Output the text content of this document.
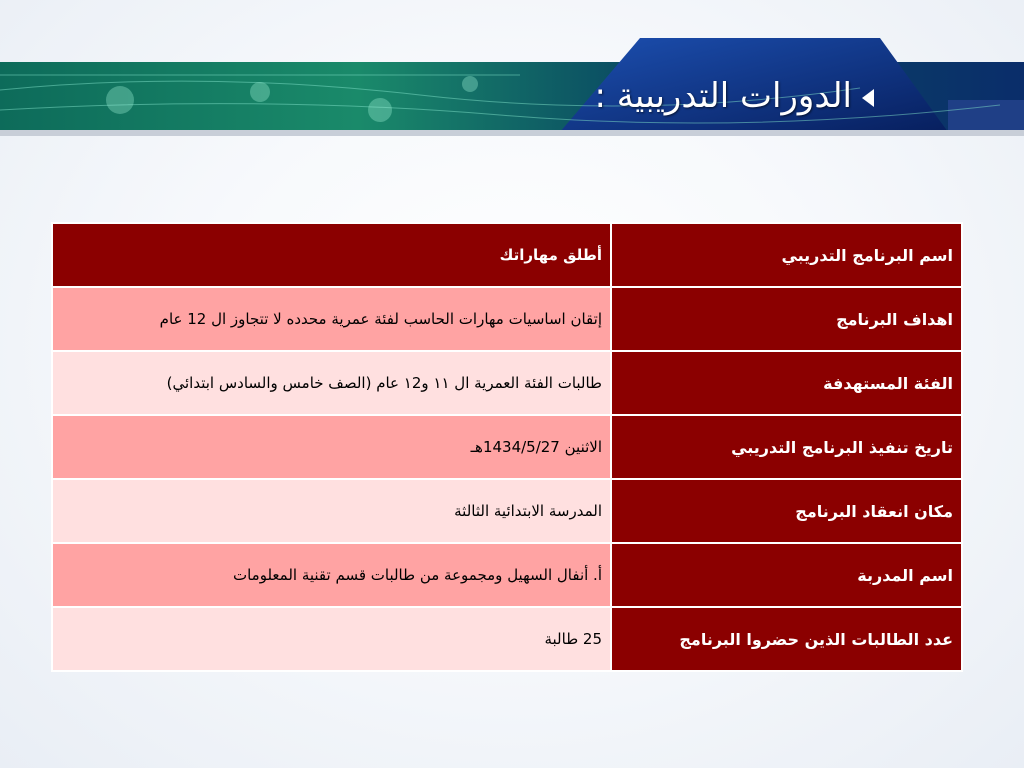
الدورات التدريبية :
اسم البرنامج التدريبي	أطلق مهاراتك
اهداف البرنامج	إتقان اساسيات مهارات الحاسب لفئة عمرية محدده لا تتجاوز ال 12 عام
الفئة المستهدفة	طالبات الفئة العمرية ال ١١ و١2 عام (الصف خامس والسادس ابتدائي)
تاريخ تنفيذ البرنامج التدريبي	الاثنين 1434/5/27هـ
مكان انعقاد البرنامج	المدرسة الابتدائية الثالثة
اسم المدربة	أ. أنفال السهيل ومجموعة من طالبات قسم تقنية المعلومات
عدد الطالبات الذين حضروا البرنامج	25 طالبة
